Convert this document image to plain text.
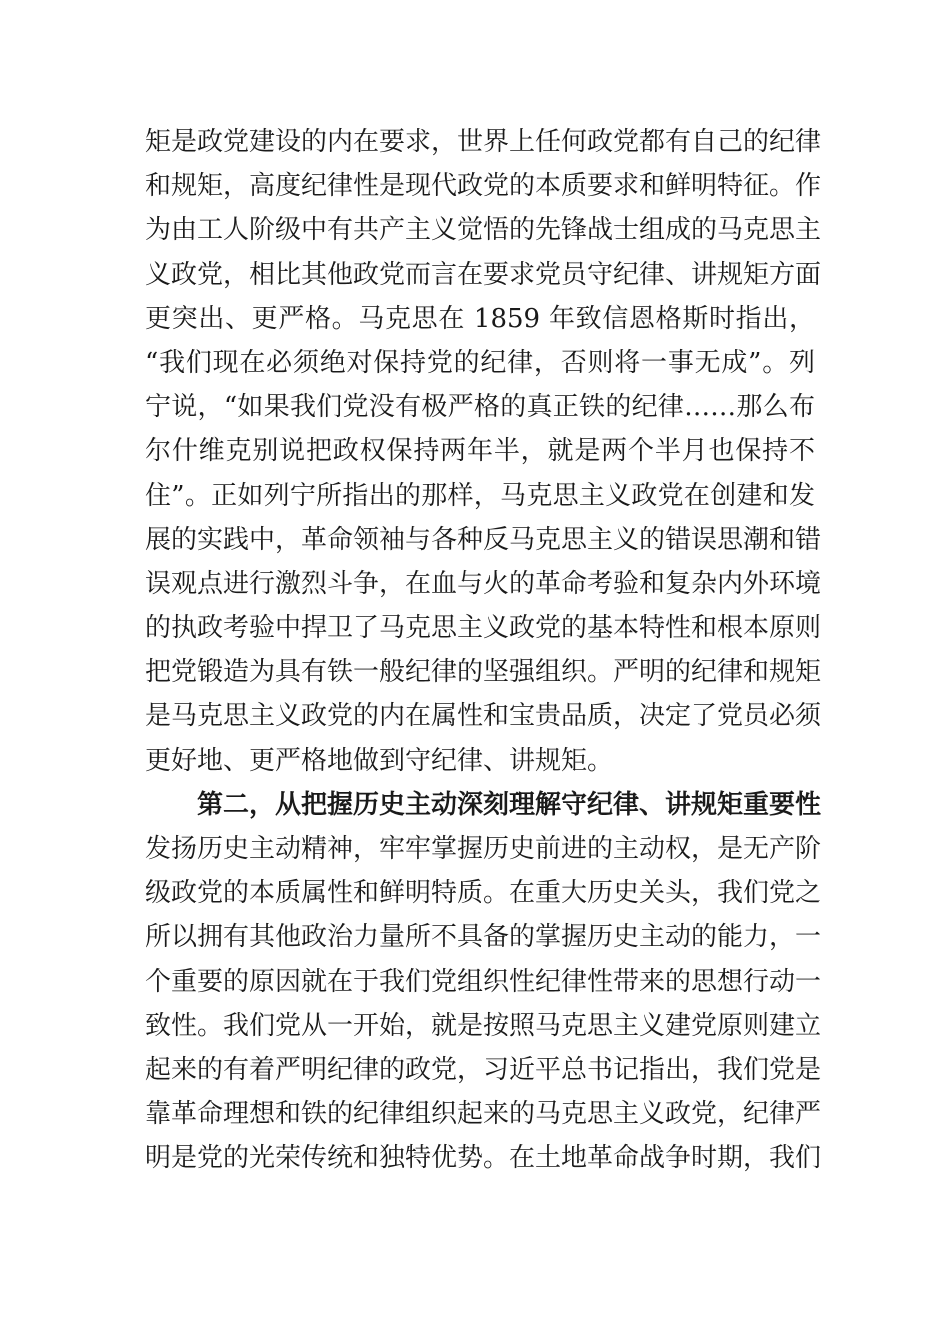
矩是政党建设的内在要求，世界上任何政党都有自己的纪律
和规矩，高度纪律性是现代政党的本质要求和鲜明特征。作
为由工人阶级中有共产主义觉悟的先锋战士组成的马克思主
义政党，相比其他政党而言在要求党员守纪律、讲规矩方面
更突出、更严格。马克思在 1859 年致信恩格斯时指出，
“我们现在必须绝对保持党的纪律，否则将一事无成”。列
宁说，“如果我们党没有极严格的真正铁的纪律……那么布
尔什维克别说把政权保持两年半，就是两个半月也保持不
住”。正如列宁所指出的那样，马克思主义政党在创建和发
展的实践中，革命领袖与各种反马克思主义的错误思潮和错
误观点进行激烈斗争，在血与火的革命考验和复杂内外环境
的执政考验中捍卫了马克思主义政党的基本特性和根本原则
把党锻造为具有铁一般纪律的坚强组织。严明的纪律和规矩
是马克思主义政党的内在属性和宝贵品质，决定了党员必须
更好地、更严格地做到守纪律、讲规矩。
第二，从把握历史主动深刻理解守纪律、讲规矩重要性
发扬历史主动精神，牢牢掌握历史前进的主动权，是无产阶
级政党的本质属性和鲜明特质。在重大历史关头，我们党之
所以拥有其他政治力量所不具备的掌握历史主动的能力，一
个重要的原因就在于我们党组织性纪律性带来的思想行动一
致性。我们党从一开始，就是按照马克思主义建党原则建立
起来的有着严明纪律的政党，习近平总书记指出，我们党是
靠革命理想和铁的纪律组织起来的马克思主义政党，纪律严
明是党的光荣传统和独特优势。在土地革命战争时期，我们
